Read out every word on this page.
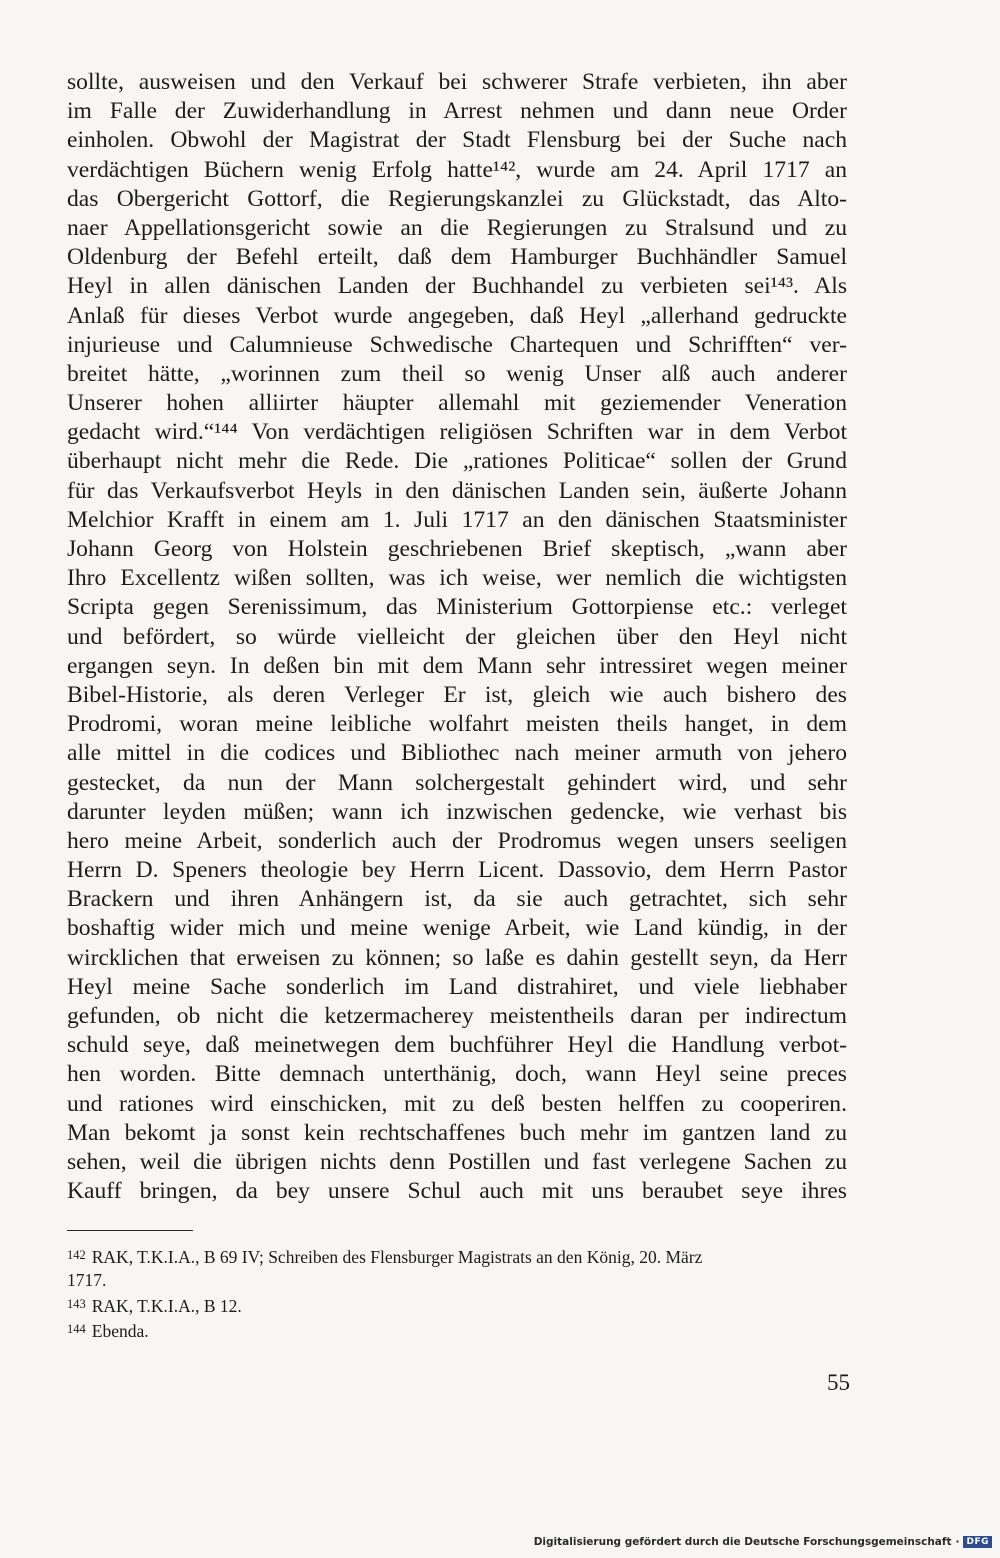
sollte, ausweisen und den Verkauf bei schwerer Strafe verbieten, ihn aber
im Falle der Zuwiderhandlung in Arrest nehmen und dann neue Order
einholen. Obwohl der Magistrat der Stadt Flensburg bei der Suche nach
verdächtigen Büchern wenig Erfolg hatte¹⁴², wurde am 24. April 1717 an
das Obergericht Gottorf, die Regierungskanzlei zu Glückstadt, das Alto-
naer Appellationsgericht sowie an die Regierungen zu Stralsund und zu
Oldenburg der Befehl erteilt, daß dem Hamburger Buchhändler Samuel
Heyl in allen dänischen Landen der Buchhandel zu verbieten sei¹⁴³. Als
Anlaß für dieses Verbot wurde angegeben, daß Heyl „allerhand gedruckte
injurieuse und Calumnieuse Schwedische Chartequen und Schrifften“ ver-
breitet hätte, „worinnen zum theil so wenig Unser alß auch anderer
Unserer hohen alliirter häupter allemahl mit geziemender Veneration
gedacht wird.“¹⁴⁴ Von verdächtigen religiösen Schriften war in dem Verbot
überhaupt nicht mehr die Rede. Die „rationes Politicae“ sollen der Grund
für das Verkaufsverbot Heyls in den dänischen Landen sein, äußerte Johann
Melchior Krafft in einem am 1. Juli 1717 an den dänischen Staatsminister
Johann Georg von Holstein geschriebenen Brief skeptisch, „wann aber
Ihro Excellentz wißen sollten, was ich weise, wer nemlich die wichtigsten
Scripta gegen Serenissimum, das Ministerium Gottorpiense etc.: verleget
und befördert, so würde vielleicht der gleichen über den Heyl nicht
ergangen seyn. In deßen bin mit dem Mann sehr intressiret wegen meiner
Bibel-Historie, als deren Verleger Er ist, gleich wie auch bishero des
Prodromi, woran meine leibliche wolfahrt meisten theils hanget, in dem
alle mittel in die codices und Bibliothec nach meiner armuth von jehero
gestecket, da nun der Mann solchergestalt gehindert wird, und sehr
darunter leyden müßen; wann ich inzwischen gedencke, wie verhast bis
hero meine Arbeit, sonderlich auch der Prodromus wegen unsers seeligen
Herrn D. Speners theologie bey Herrn Licent. Dassovio, dem Herrn Pastor
Brackern und ihren Anhängern ist, da sie auch getrachtet, sich sehr
boshaftig wider mich und meine wenige Arbeit, wie Land kündig, in der
wircklichen that erweisen zu können; so laße es dahin gestellt seyn, da Herr
Heyl meine Sache sonderlich im Land distrahiret, und viele liebhaber
gefunden, ob nicht die ketzermacherey meistentheils daran per indirectum
schuld seye, daß meinetwegen dem buchführer Heyl die Handlung verbot-
hen worden. Bitte demnach unterthänig, doch, wann Heyl seine preces
und rationes wird einschicken, mit zu deß besten helffen zu cooperiren.
Man bekomt ja sonst kein rechtschaffenes buch mehr im gantzen land zu
sehen, weil die übrigen nichts denn Postillen und fast verlegene Sachen zu
Kauff bringen, da bey unsere Schul auch mit uns beraubet seye ihres
$^{142}$ RAK, T.K.I.A., B 69 IV; Schreiben des Flensburger Magistrats an den König, 20. März
1717.
$^{143}$ RAK, T.K.I.A., B 12.
$^{144}$ Ebenda.
55
Digitalisierung gefördert durch die Deutsche Forschungsgemeinschaft · DFG
